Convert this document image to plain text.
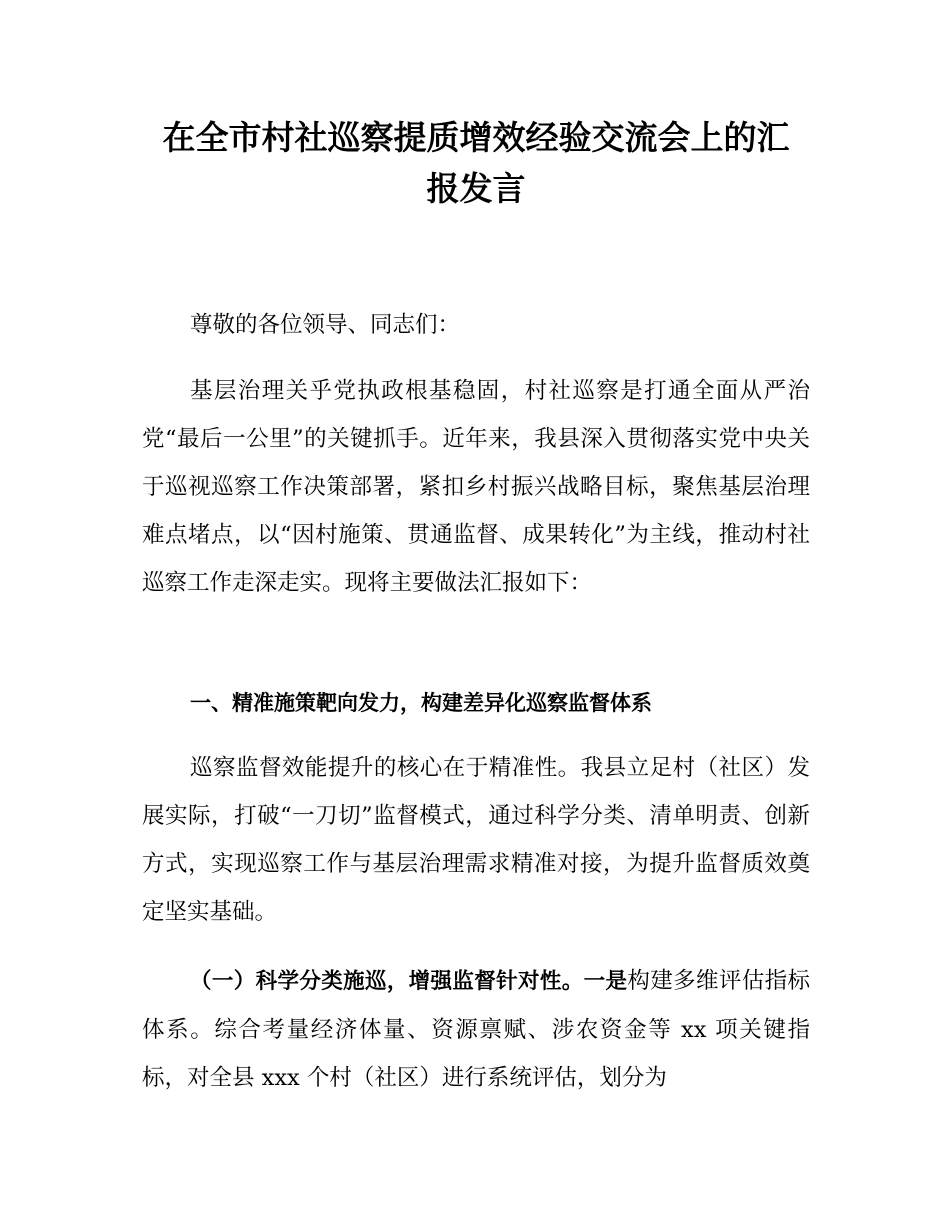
在全市村社巡察提质增效经验交流会上的汇
报发言

尊敬的各位领导、同志们：

基层治理关乎党执政根基稳固，村社巡察是打通全面从严治党“最后一公里”的关键抓手。近年来，我县深入贯彻落实党中央关于巡视巡察工作决策部署，紧扣乡村振兴战略目标，聚焦基层治理难点堵点，以“因村施策、贯通监督、成果转化”为主线，推动村社巡察工作走深走实。现将主要做法汇报如下：

一、精准施策靶向发力，构建差异化巡察监督体系

巡察监督效能提升的核心在于精准性。我县立足村（社区）发展实际，打破“一刀切”监督模式，通过科学分类、清单明责、创新方式，实现巡察工作与基层治理需求精准对接，为提升监督质效奠定坚实基础。

（一）科学分类施巡，增强监督针对性。一是构建多维评估指标体系。综合考量经济体量、资源禀赋、涉农资金等 xx 项关键指标，对全县 xxx 个村（社区）进行系统评估，划分为
